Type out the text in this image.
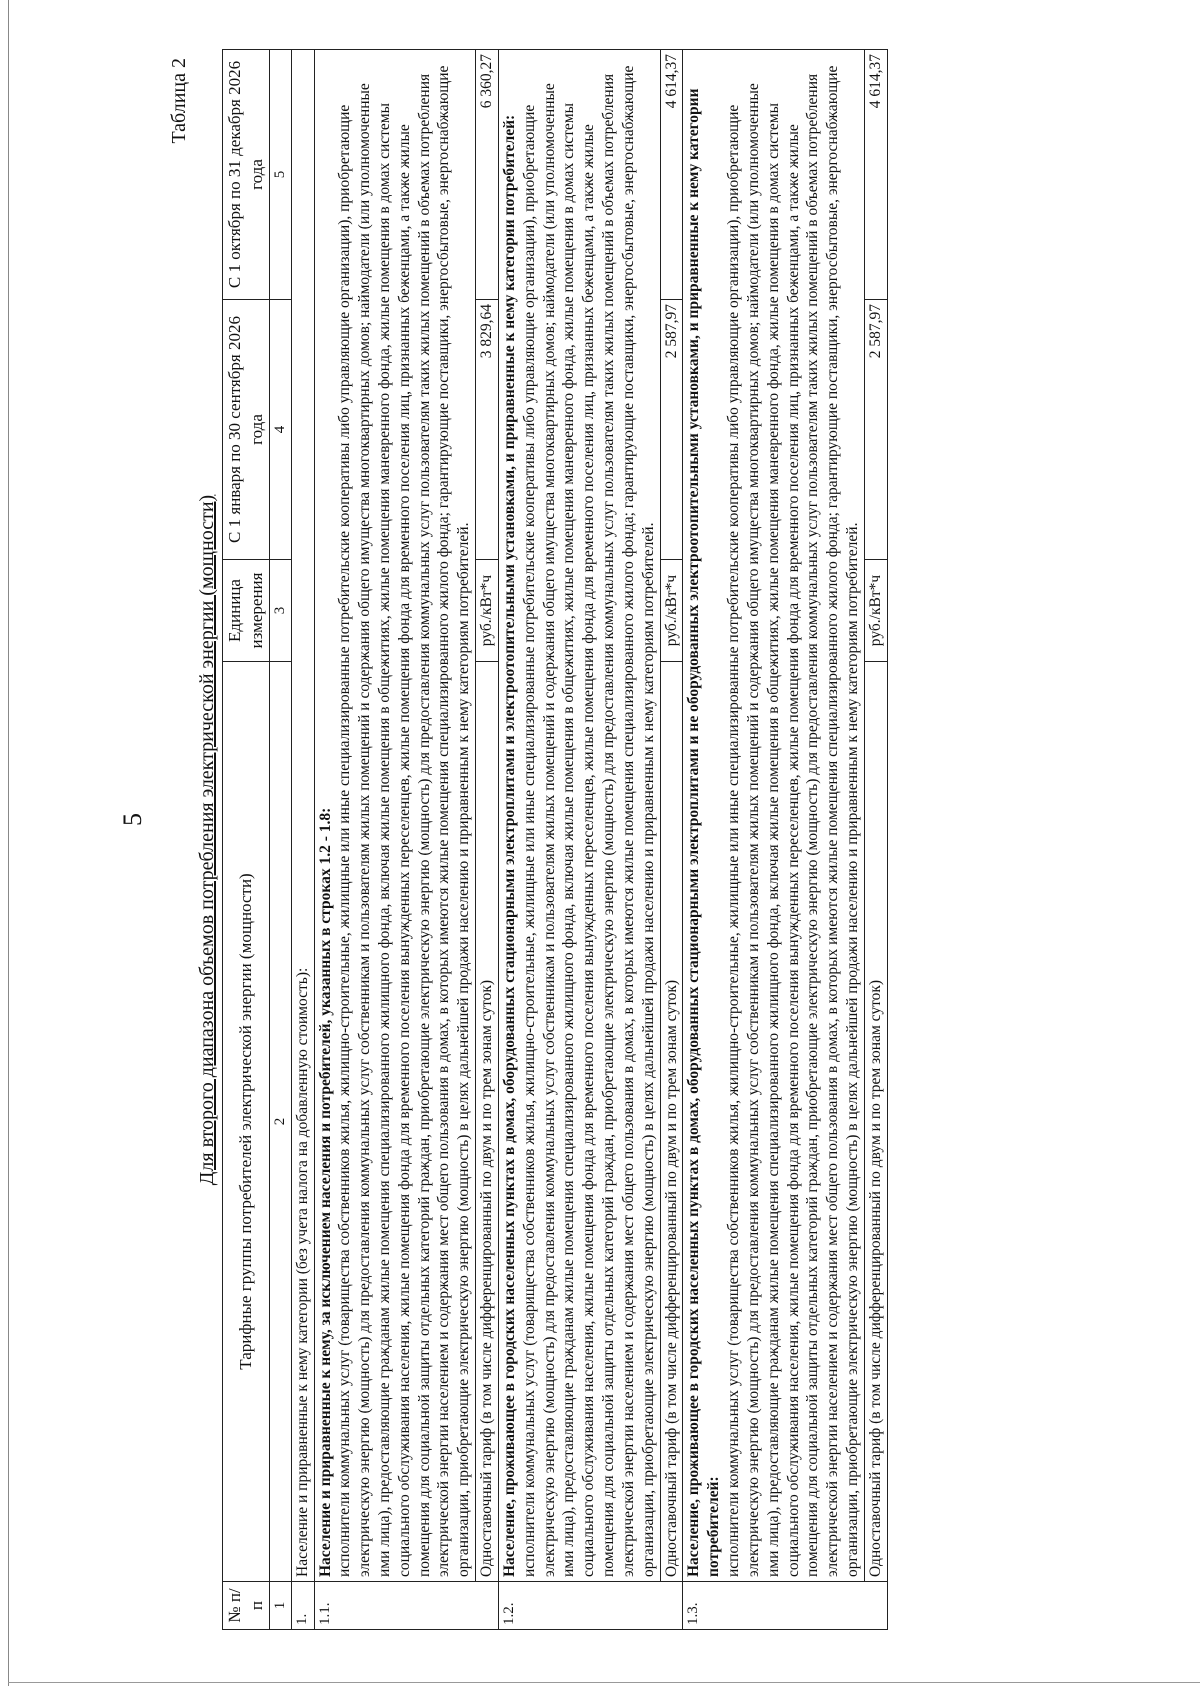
5
Таблица 2
Для второго диапазона объемов потребления электрической энергии (мощности)
№ п/п	Тарифные группы потребителей электрической энергии (мощности)	Единица измерения	С 1 января по 30 сентября 2026 года	С 1 октября по 31 декабря 2026 года
1	2	3	4	5
1.	Население и приравненные к нему категории (без учета налога на добавленную стоимость):			
1.1.	Население и приравненные к нему, за исключением населения и потребителей, указанных в строках 1.2 - 1.8: исполнители коммунальных услуг (товарищества собственников жилья, жилищно-строительные, жилищные или иные специализированные потребительские кооперативы либо управляющие организации), приобретающие электрическую энергию (мощность) для предоставления коммунальных услуг собственникам и пользователям жилых помещений и содержания общего имущества многоквартирных домов; наймодатели (или уполномоченные ими лица), предоставляющие гражданам жилые помещения специализированного жилищного фонда, включая жилые помещения в общежитиях, жилые помещения маневренного фонда, жилые помещения в домах системы социального обслуживания населения, жилые помещения фонда для временного поселения вынужденных переселенцев, жилые помещения фонда для временного поселения лиц, признанных беженцами, а также жилые помещения для социальной защиты отдельных категорий граждан, приобретающие электрическую энергию (мощность) для предоставления коммунальных услуг пользователям таких жилых помещений в объемах потребления электрической энергии населением и содержания мест общего пользования в домах, в которых имеются жилые помещения специализированного жилого фонда; гарантирующие поставщики, энергосбытовые, энергоснабжающие организации, приобретающие электрическую энергию (мощность) в целях дальнейшей продажи населению и приравненным к нему категориям потребителей.			
	Одноставочный тариф (в том числе дифференцированный по двум и по трем зонам суток)	руб./кВт*ч	3 829,64	6 360,27
1.2.	Население, проживающее в городских населенных пунктах в домах, оборудованных стационарными электроплитами и электроотопительными установками, и приравненные к нему категории потребителей: исполнители коммунальных услуг (товарищества собственников жилья, жилищно-строительные, жилищные или иные специализированные потребительские кооперативы либо управляющие организации), приобретающие электрическую энергию (мощность) для предоставления коммунальных услуг собственникам и пользователям жилых помещений и содержания общего имущества многоквартирных домов; наймодатели (или уполномоченные ими лица), предоставляющие гражданам жилые помещения специализированного жилищного фонда, включая жилые помещения в общежитиях, жилые помещения маневренного фонда, жилые помещения в домах системы социального обслуживания населения, жилые помещения фонда для временного поселения вынужденных переселенцев, жилые помещения фонда для временного поселения лиц, признанных беженцами, а также жилые помещения для социальной защиты отдельных категорий граждан, приобретающие электрическую энергию (мощность) для предоставления коммунальных услуг пользователям таких жилых помещений в объемах потребления электрической энергии населением и содержания мест общего пользования в домах, в которых имеются жилые помещения специализированного жилого фонда; гарантирующие поставщики, энергосбытовые, энергоснабжающие организации, приобретающие электрическую энергию (мощность) в целях дальнейшей продажи населению и приравненным к нему категориям потребителей.			
	Одноставочный тариф (в том числе дифференцированный по двум и по трем зонам суток)	руб./кВт*ч	2 587,97	4 614,37
1.3.	Население, проживающее в городских населенных пунктах в домах, оборудованных стационарными электроплитами и не оборудованных электроотопительными установками, и приравненные к нему категории потребителей: исполнители коммунальных услуг (товарищества собственников жилья, жилищно-строительные, жилищные или иные специализированные потребительские кооперативы либо управляющие организации), приобретающие электрическую энергию (мощность) для предоставления коммунальных услуг собственникам и пользователям жилых помещений и содержания общего имущества многоквартирных домов; наймодатели (или уполномоченные ими лица), предоставляющие гражданам жилые помещения специализированного жилищного фонда, включая жилые помещения в общежитиях, жилые помещения маневренного фонда, жилые помещения в домах системы социального обслуживания населения, жилые помещения фонда для временного поселения вынужденных переселенцев, жилые помещения фонда для временного поселения лиц, признанных беженцами, а также жилые помещения для социальной защиты отдельных категорий граждан, приобретающие электрическую энергию (мощность) для предоставления коммунальных услуг пользователям таких жилых помещений в объемах потребления электрической энергии населением и содержания мест общего пользования в домах, в которых имеются жилые помещения специализированного жилого фонда; гарантирующие поставщики, энергосбытовые, энергоснабжающие организации, приобретающие электрическую энергию (мощность) в целях дальнейшей продажи населению и приравненным к нему категориям потребителей.			
	Одноставочный тариф (в том числе дифференцированный по двум и по трем зонам суток)	руб./кВт*ч	2 587,97	4 614,37
